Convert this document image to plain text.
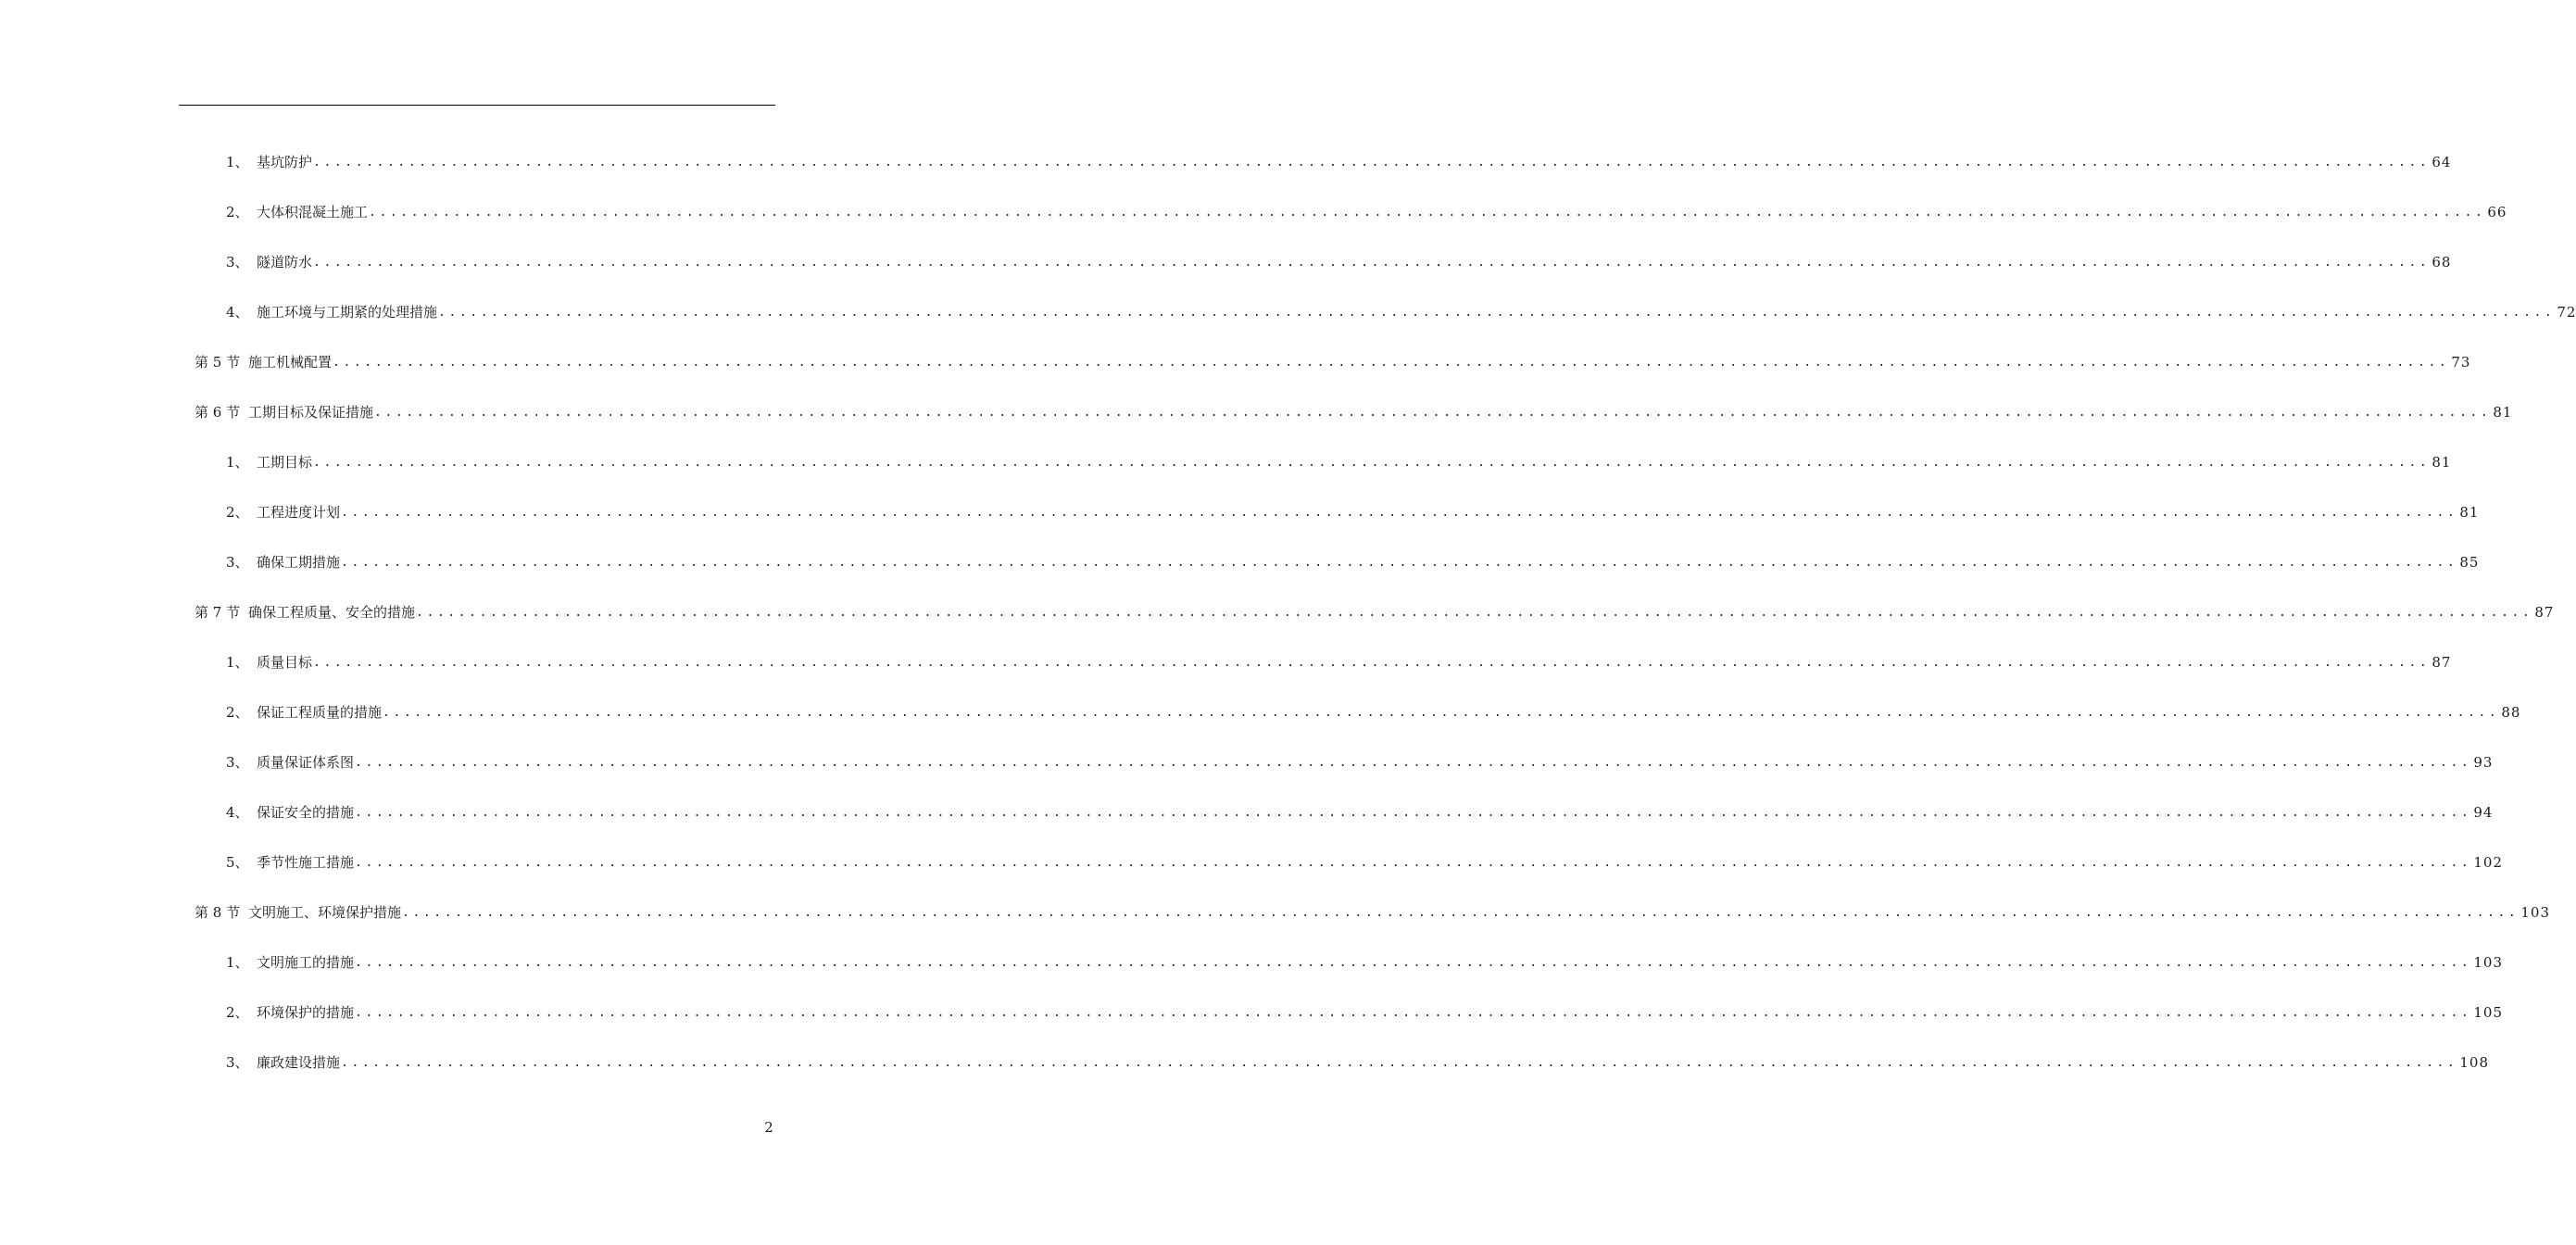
1、 基坑防护 ........................................................................................................................................................................................................ 64
2、 大体积混凝土施工 ........................................................................................................................................................................................................ 66
3、 隧道防水 ........................................................................................................................................................................................................ 68
4、 施工环境与工期紧的处理措施 ........................................................................................................................................................................................................ 72
第 5 节 施工机械配置 ........................................................................................................................................................................................................ 73
第 6 节 工期目标及保证措施 ........................................................................................................................................................................................................ 81
1、 工期目标 ........................................................................................................................................................................................................ 81
2、 工程进度计划 ........................................................................................................................................................................................................ 81
3、 确保工期措施 ........................................................................................................................................................................................................ 85
第 7 节 确保工程质量、安全的措施 ........................................................................................................................................................................................................ 87
1、 质量目标 ........................................................................................................................................................................................................ 87
2、 保证工程质量的措施 ........................................................................................................................................................................................................ 88
3、 质量保证体系图 ........................................................................................................................................................................................................ 93
4、 保证安全的措施 ........................................................................................................................................................................................................ 94
5、 季节性施工措施 ........................................................................................................................................................................................................ 102
第 8 节 文明施工、环境保护措施 ........................................................................................................................................................................................................ 103
1、 文明施工的措施 ........................................................................................................................................................................................................ 103
2、 环境保护的措施 ........................................................................................................................................................................................................ 105
3、 廉政建设措施 ........................................................................................................................................................................................................ 108
2
